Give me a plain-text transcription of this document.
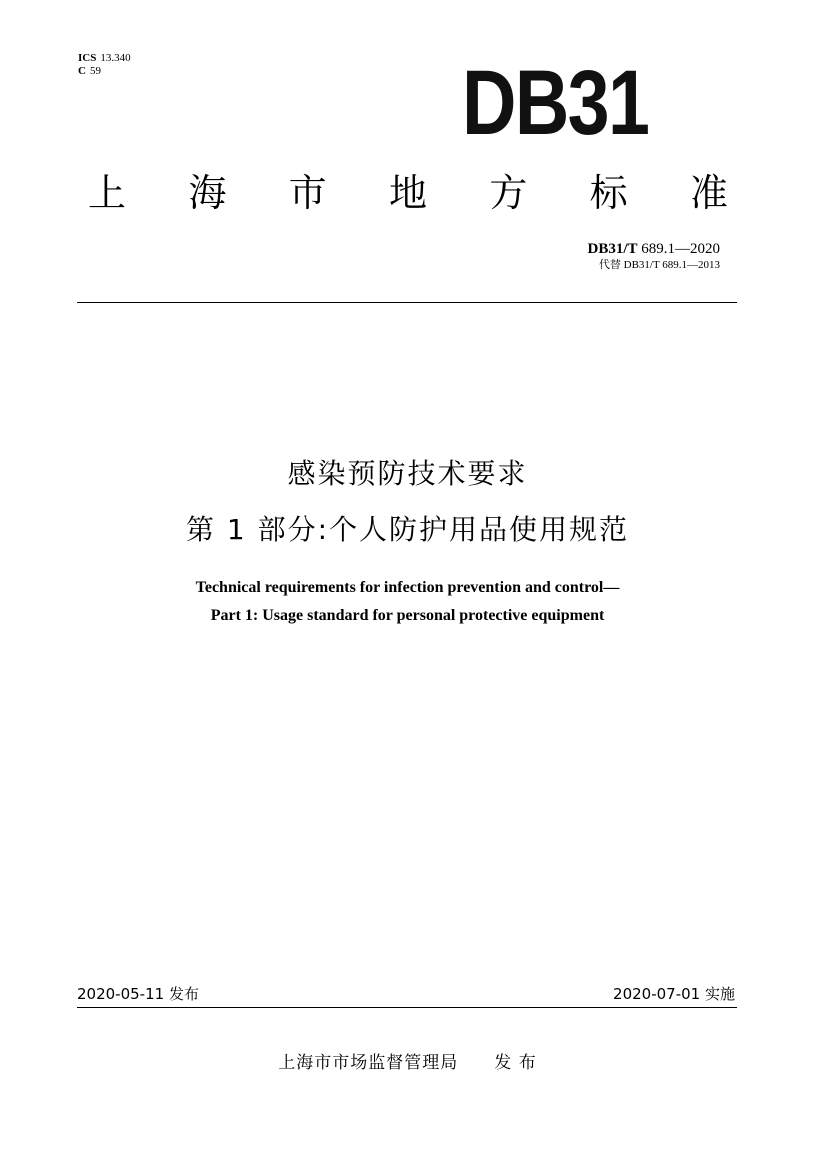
ICS 13.340
C 59	DB31
上 海 市 地 方 标 准
DB31/T 689.1—2020
代替 DB31/T 689.1—2013
感染预防技术要求
第 1 部分:个人防护用品使用规范
Technical requirements for infection prevention and control—
Part 1: Usage standard for personal protective equipment
2020-05-11 发布	2020-07-01 实施
上海市市场监督管理局 发 布
